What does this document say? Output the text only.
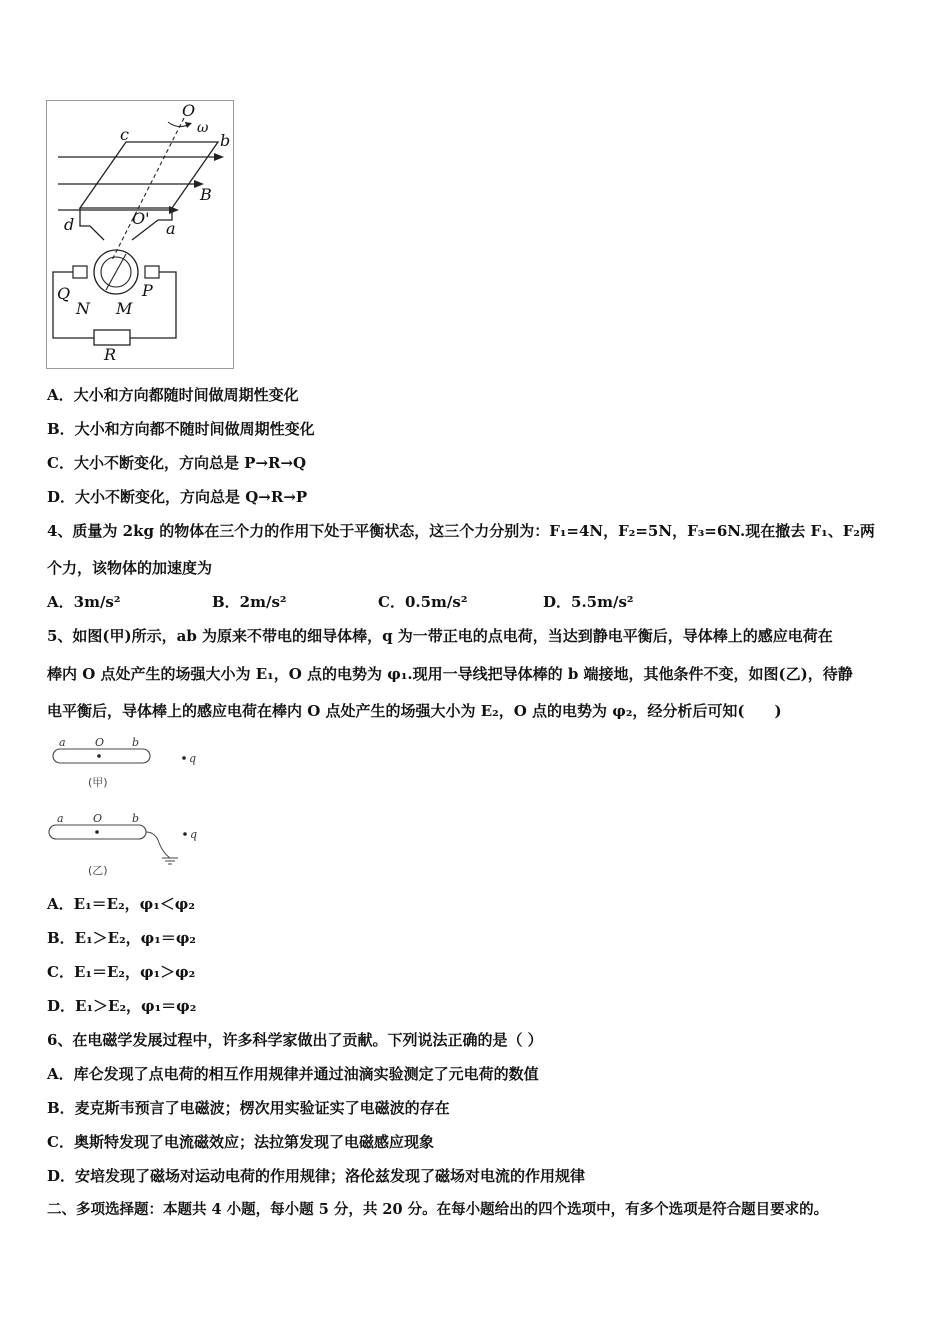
O
ω
c	b
B
O'
d	a
Q	P
N M
R
A．大小和方向都随时间做周期性变化
B．大小和方向都不随时间做周期性变化
C．大小不断变化，方向总是 P→R→Q
D．大小不断变化，方向总是 Q→R→P
4、质量为 2kg 的物体在三个力的作用下处于平衡状态，这三个力分别为：F₁=4N，F₂=5N，F₃=6N.现在撤去 F₁、F₂两
个力，该物体的加速度为
A．3m/s²	B．2m/s²	C．0.5m/s²	D．5.5m/s²
5、如图(甲)所示，ab 为原来不带电的细导体棒，q 为一带正电的点电荷，当达到静电平衡后，导体棒上的感应电荷在
棒内 O 点处产生的场强大小为 E₁，O 点的电势为 φ₁.现用一导线把导体棒的 b 端接地，其他条件不变，如图(乙)，待静
电平衡后，导体棒上的感应电荷在棒内 O 点处产生的场强大小为 E₂，O 点的电势为 φ₂，经分析后可知(　　)
a	O	b
q
(甲)
a	O	b
q
(乙)
A．E₁＝E₂，φ₁＜φ₂
B．E₁＞E₂，φ₁＝φ₂
C．E₁＝E₂，φ₁＞φ₂
D．E₁＞E₂，φ₁＝φ₂
6、在电磁学发展过程中，许多科学家做出了贡献。下列说法正确的是（ ）
A．库仑发现了点电荷的相互作用规律并通过油滴实验测定了元电荷的数值
B．麦克斯韦预言了电磁波；楞次用实验证实了电磁波的存在
C．奥斯特发现了电流磁效应；法拉第发现了电磁感应现象
D．安培发现了磁场对运动电荷的作用规律；洛伦兹发现了磁场对电流的作用规律
二、多项选择题：本题共 4 小题，每小题 5 分，共 20 分。在每小题给出的四个选项中，有多个选项是符合题目要求的。
